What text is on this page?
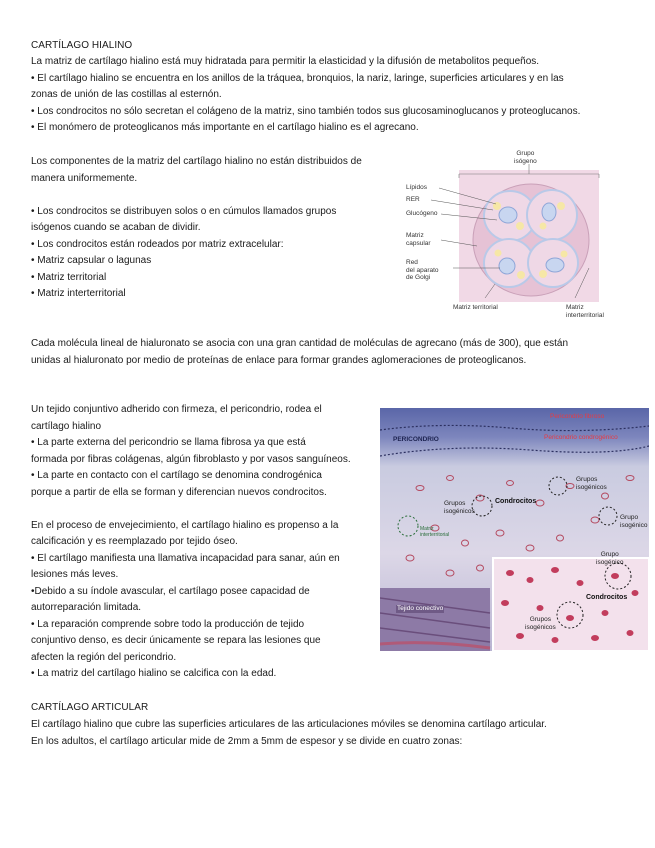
CARTÍLAGO HIALINO

La matriz de cartílago hialino está muy hidratada para permitir la elasticidad y la difusión de metabolitos pequeños.

• El cartílago hialino se encuentra en los anillos de la tráquea, bronquios, la nariz, laringe, superficies articulares y en las

zonas de unión de las costillas al esternón.

• Los condrocitos no sólo secretan el colágeno de la matriz, sino también todos sus glucosaminoglucanos y proteoglucanos.

• El monómero de proteoglicanos más importante en el cartílago hialino es el agrecano.

Los componentes de la matriz del cartílago hialino no están distribuidos de

manera uniformemente.

• Los condrocitos se distribuyen solos o en cúmulos llamados grupos

isógenos cuando se acaban de dividir.

• Los condrocitos están rodeados por matriz extracelular:

• Matriz capsular o lagunas

• Matriz territorial

• Matriz interterritorial

Grupo
isógeno
Lípidos
RER
Glucógeno
Matriz
capsular
Red
del aparato
de Golgi
Matriz territorial	Matriz
interterritorial

Cada molécula lineal de hialuronato se asocia con una gran cantidad de moléculas de agrecano (más de 300), que están

unidas al hialuronato por medio de proteínas de enlace para formar grandes aglomeraciones de proteoglicanos.

Un tejido conjuntivo adherido con firmeza, el pericondrio, rodea el

cartílago hialino

• La parte externa del pericondrio se llama fibrosa ya que está

formada por fibras colágenas, algún fibroblasto y por vasos sanguíneos.

• La parte en contacto con el cartílago se denomina condrogénica

porque a partir de ella se forman y diferencian nuevos condrocitos.

En el proceso de envejecimiento, el cartílago hialino es propenso a la

calcificación y es reemplazado por tejido óseo.

• El cartílago manifiesta una llamativa incapacidad para sanar, aún en

lesiones más leves.

•Debido a su índole avascular, el cartílago posee capacidad de

autorreparación limitada.

• La reparación comprende sobre todo la producción de tejido

conjuntivo denso, es decir únicamente se repara las lesiones que

afecten la región del pericondrio.

• La matriz del cartílago hialino se calcifica con la edad.

PERICONDRIO
Pericondrio fibroso
Pericondrio condrogénico
Grupos
isogénicos
Condrocitos
Grupos
isogénicos
Grupo
isogénico
Matriz
interterritorial
Tejido conectivo
Grupo
isogénico
Condrocitos
Grupos
isogénicos
CARTÍLAGO ARTICULAR

El cartílago hialino que cubre las superficies articulares de las articulaciones móviles se denomina cartílago articular.

En los adultos, el cartílago articular mide de 2mm a 5mm de espesor y se divide en cuatro zonas:
